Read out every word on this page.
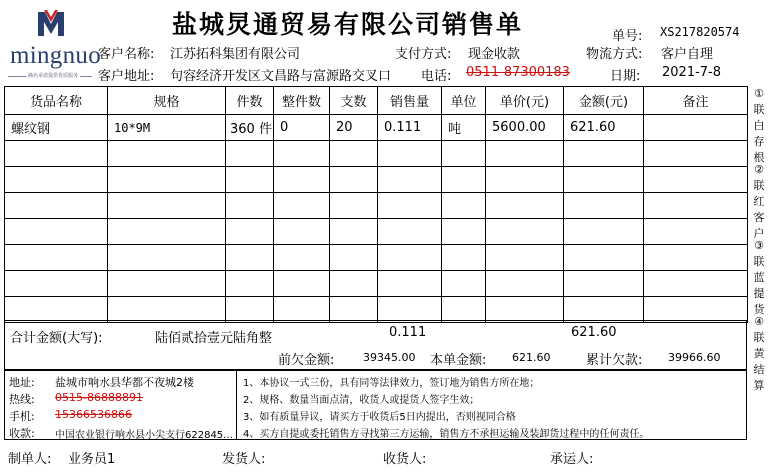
mingnuo
确名承诺提供优质服务
盐城炅通贸易有限公司销售单	单号: XS217820574
客户名称: 江苏拓科集团有限公司	支付方式: 现金收款	物流方式: 客户自理
客户地址: 句容经济开发区文昌路与富源路交叉口 电话: 0511-87300183	日期: 2021-7-8
货品名称	规格	件数	整件数	支数	销售量	单位	单价(元)	金额(元)	备注
螺纹钢	10*9M	360 件	0	20	0.111	吨	5600.00	621.60	

合计金额(大写):	陆佰贰拾壹元陆角整	0.111	621.60
前欠金额:	39345.00 本单金额: 621.60	累计欠款: 39966.60
地址: 盐城市响水县华都不夜城2楼
热线: 0515-86888891
手机: 15366536866
收款: 中国农业银行响水县小尖支行622845…
1、本协议一式三份，具有同等法律效力，签订地为销售方所在地；
2、规格、数量当面点清，收货人或提货人签字生效；
3、如有质量异议，请买方于收货后5日内提出，否则视同合格
4、买方自提或委托销售方寻找第三方运输，销售方不承担运输及装卸货过程中的任何责任。
制单人: 业务员1	发货人:	收货人:	承运人:
①联白存根
②联红客户
③联蓝提货
④联黄结算
